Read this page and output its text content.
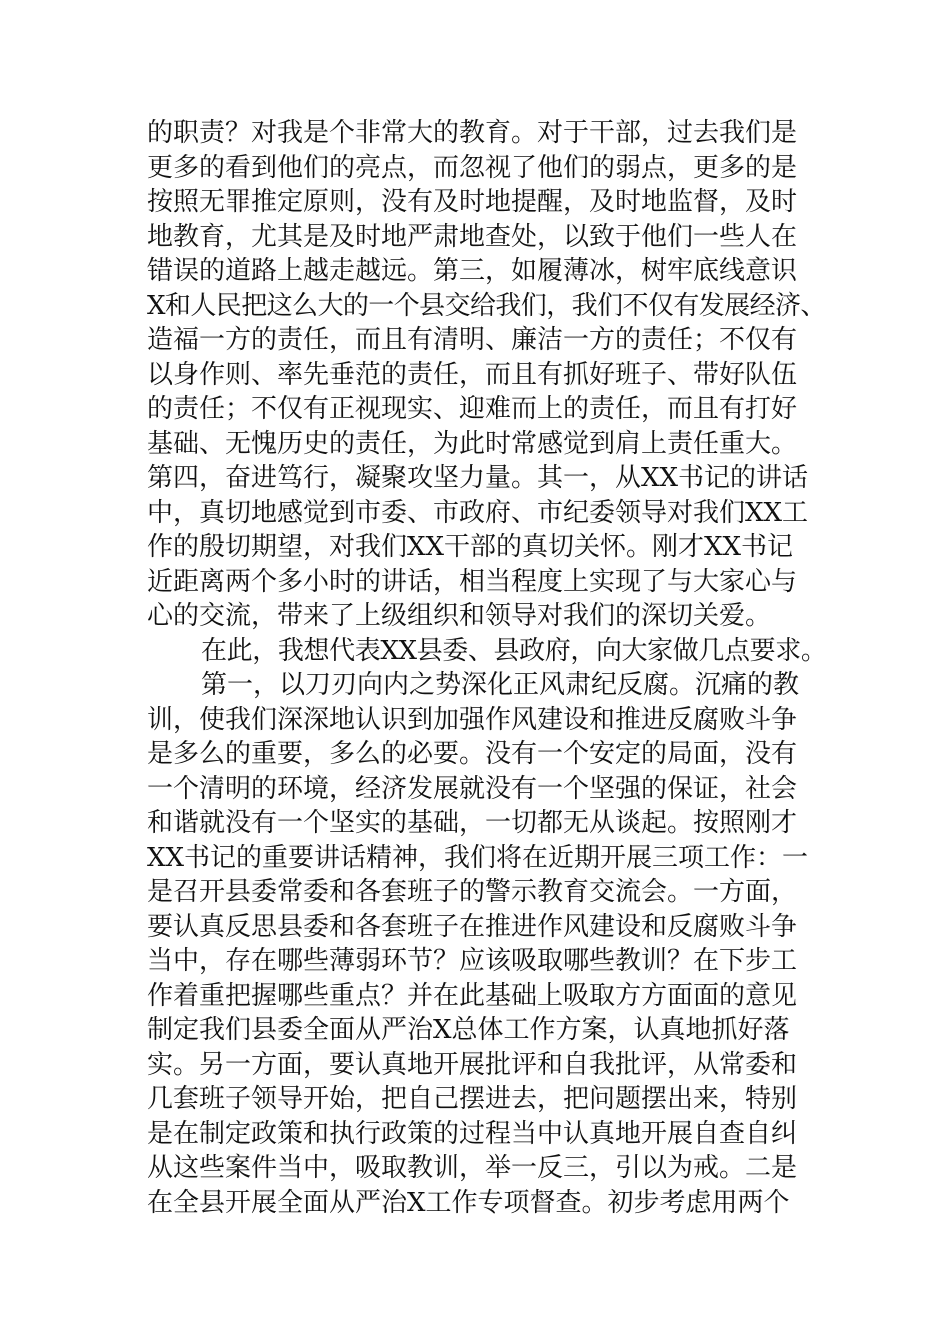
的职责？对我是个非常大的教育。对于干部，过去我们是
更多的看到他们的亮点，而忽视了他们的弱点，更多的是
按照无罪推定原则，没有及时地提醒，及时地监督，及时
地教育，尤其是及时地严肃地查处，以致于他们一些人在
错误的道路上越走越远。第三，如履薄冰，树牢底线意识
X和人民把这么大的一个县交给我们，我们不仅有发展经济、
造福一方的责任，而且有清明、廉洁一方的责任；不仅有
以身作则、率先垂范的责任，而且有抓好班子、带好队伍
的责任；不仅有正视现实、迎难而上的责任，而且有打好
基础、无愧历史的责任，为此时常感觉到肩上责任重大。
第四，奋进笃行，凝聚攻坚力量。其一，从XX书记的讲话
中，真切地感觉到市委、市政府、市纪委领导对我们XX工
作的殷切期望，对我们XX干部的真切关怀。刚才XX书记
近距离两个多小时的讲话，相当程度上实现了与大家心与
心的交流，带来了上级组织和领导对我们的深切关爱。
在此，我想代表XX县委、县政府，向大家做几点要求。
第一，以刀刃向内之势深化正风肃纪反腐。沉痛的教
训，使我们深深地认识到加强作风建设和推进反腐败斗争
是多么的重要，多么的必要。没有一个安定的局面，没有
一个清明的环境，经济发展就没有一个坚强的保证，社会
和谐就没有一个坚实的基础，一切都无从谈起。按照刚才
XX书记的重要讲话精神，我们将在近期开展三项工作：一
是召开县委常委和各套班子的警示教育交流会。一方面，
要认真反思县委和各套班子在推进作风建设和反腐败斗争
当中，存在哪些薄弱环节？应该吸取哪些教训？在下步工
作着重把握哪些重点？并在此基础上吸取方方面面的意见
制定我们县委全面从严治X总体工作方案，认真地抓好落
实。另一方面，要认真地开展批评和自我批评，从常委和
几套班子领导开始，把自己摆进去，把问题摆出来，特别
是在制定政策和执行政策的过程当中认真地开展自查自纠
从这些案件当中，吸取教训，举一反三，引以为戒。二是
在全县开展全面从严治X工作专项督查。初步考虑用两个
